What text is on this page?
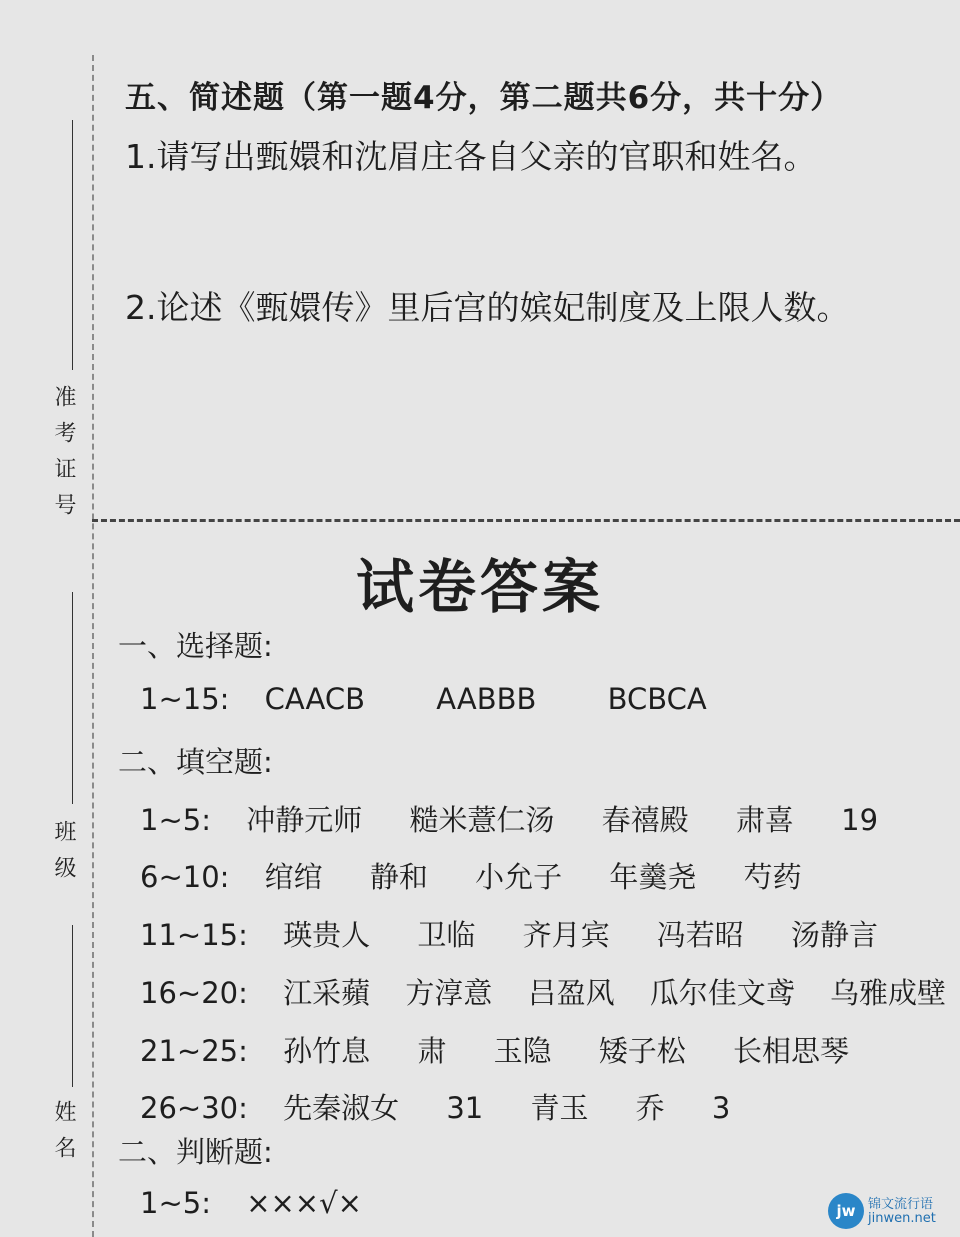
准考证号
班级
姓名
五、简述题（第一题4分，第二题共6分，共十分）
1.请写出甄嬛和沈眉庄各自父亲的官职和姓名。
2.论述《甄嬛传》里后宫的嫔妃制度及上限人数。
试卷答案
一、选择题:
1~15: CAACB AABBB BCBCA
二、填空题:
1~5: 冲静元师 糙米薏仁汤 春禧殿 肃喜 19
6~10: 绾绾 静和 小允子 年羹尧 芍药
11~15: 瑛贵人 卫临 齐月宾 冯若昭 汤静言
16~20: 江采蘋 方淳意 吕盈风 瓜尔佳文鸢 乌雅成壁
21~25: 孙竹息 肃 玉隐 矮子松 长相思琴
26~30: 先秦淑女 31 青玉 乔 3
二、判断题:
1~5: ×××√×	jw 锦文流行语
jinwen.net
